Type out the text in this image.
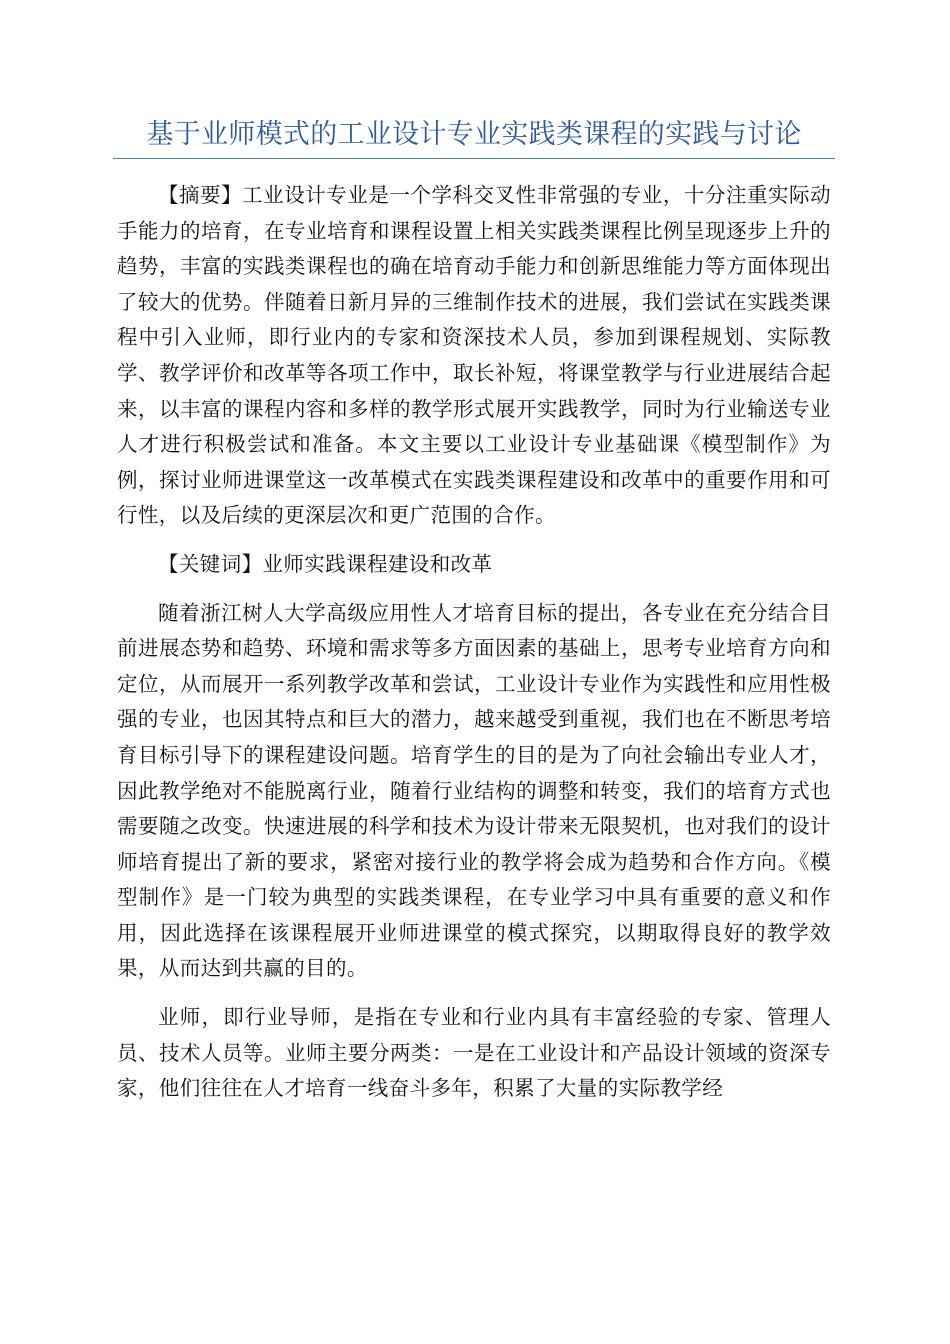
基于业师模式的工业设计专业实践类课程的实践与讨论

【摘要】工业设计专业是一个学科交叉性非常强的专业，十分注重实际动手能力的培育，在专业培育和课程设置上相关实践类课程比例呈现逐步上升的趋势，丰富的实践类课程也的确在培育动手能力和创新思维能力等方面体现出了较大的优势。伴随着日新月异的三维制作技术的进展，我们尝试在实践类课程中引入业师，即行业内的专家和资深技术人员，参加到课程规划、实际教学、教学评价和改革等各项工作中，取长补短，将课堂教学与行业进展结合起来，以丰富的课程内容和多样的教学形式展开实践教学，同时为行业输送专业人才进行积极尝试和准备。本文主要以工业设计专业基础课《模型制作》为例，探讨业师进课堂这一改革模式在实践类课程建设和改革中的重要作用和可行性，以及后续的更深层次和更广范围的合作。

【关键词】业师实践课程建设和改革

随着浙江树人大学高级应用性人才培育目标的提出，各专业在充分结合目前进展态势和趋势、环境和需求等多方面因素的基础上，思考专业培育方向和定位，从而展开一系列教学改革和尝试，工业设计专业作为实践性和应用性极强的专业，也因其特点和巨大的潜力，越来越受到重视，我们也在不断思考培育目标引导下的课程建设问题。培育学生的目的是为了向社会输出专业人才，因此教学绝对不能脱离行业，随着行业结构的调整和转变，我们的培育方式也需要随之改变。快速进展的科学和技术为设计带来无限契机，也对我们的设计师培育提出了新的要求，紧密对接行业的教学将会成为趋势和合作方向。《模型制作》是一门较为典型的实践类课程，在专业学习中具有重要的意义和作用，因此选择在该课程展开业师进课堂的模式探究，以期取得良好的教学效果，从而达到共赢的目的。

业师，即行业导师，是指在专业和行业内具有丰富经验的专家、管理人员、技术人员等。业师主要分两类：一是在工业设计和产品设计领域的资深专家，他们往往在人才培育一线奋斗多年，积累了大量的实际教学经
